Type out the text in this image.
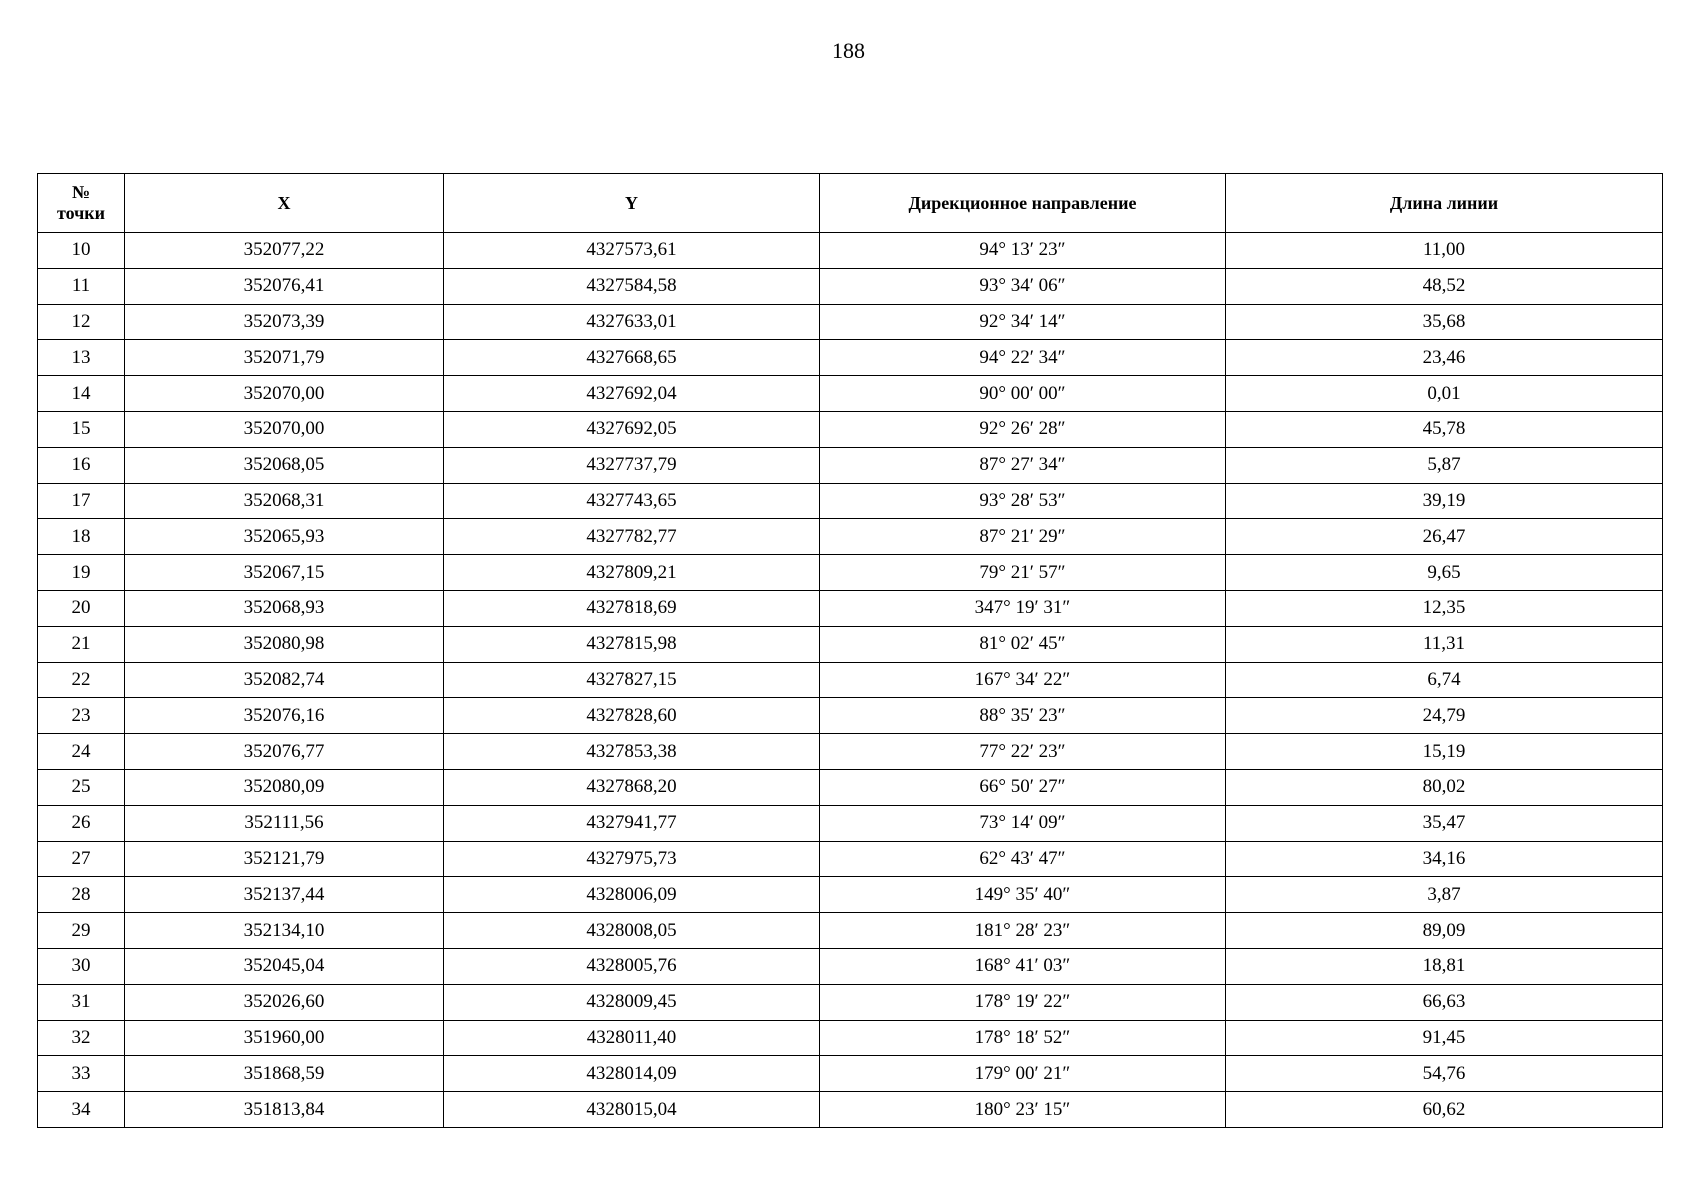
188
№
точки	X	Y	Дирекционное направление	Длина линии
10	352077,22	4327573,61	94° 13′ 23″	11,00
11	352076,41	4327584,58	93° 34′ 06″	48,52
12	352073,39	4327633,01	92° 34′ 14″	35,68
13	352071,79	4327668,65	94° 22′ 34″	23,46
14	352070,00	4327692,04	90° 00′ 00″	0,01
15	352070,00	4327692,05	92° 26′ 28″	45,78
16	352068,05	4327737,79	87° 27′ 34″	5,87
17	352068,31	4327743,65	93° 28′ 53″	39,19
18	352065,93	4327782,77	87° 21′ 29″	26,47
19	352067,15	4327809,21	79° 21′ 57″	9,65
20	352068,93	4327818,69	347° 19′ 31″	12,35
21	352080,98	4327815,98	81° 02′ 45″	11,31
22	352082,74	4327827,15	167° 34′ 22″	6,74
23	352076,16	4327828,60	88° 35′ 23″	24,79
24	352076,77	4327853,38	77° 22′ 23″	15,19
25	352080,09	4327868,20	66° 50′ 27″	80,02
26	352111,56	4327941,77	73° 14′ 09″	35,47
27	352121,79	4327975,73	62° 43′ 47″	34,16
28	352137,44	4328006,09	149° 35′ 40″	3,87
29	352134,10	4328008,05	181° 28′ 23″	89,09
30	352045,04	4328005,76	168° 41′ 03″	18,81
31	352026,60	4328009,45	178° 19′ 22″	66,63
32	351960,00	4328011,40	178° 18′ 52″	91,45
33	351868,59	4328014,09	179° 00′ 21″	54,76
34	351813,84	4328015,04	180° 23′ 15″	60,62
